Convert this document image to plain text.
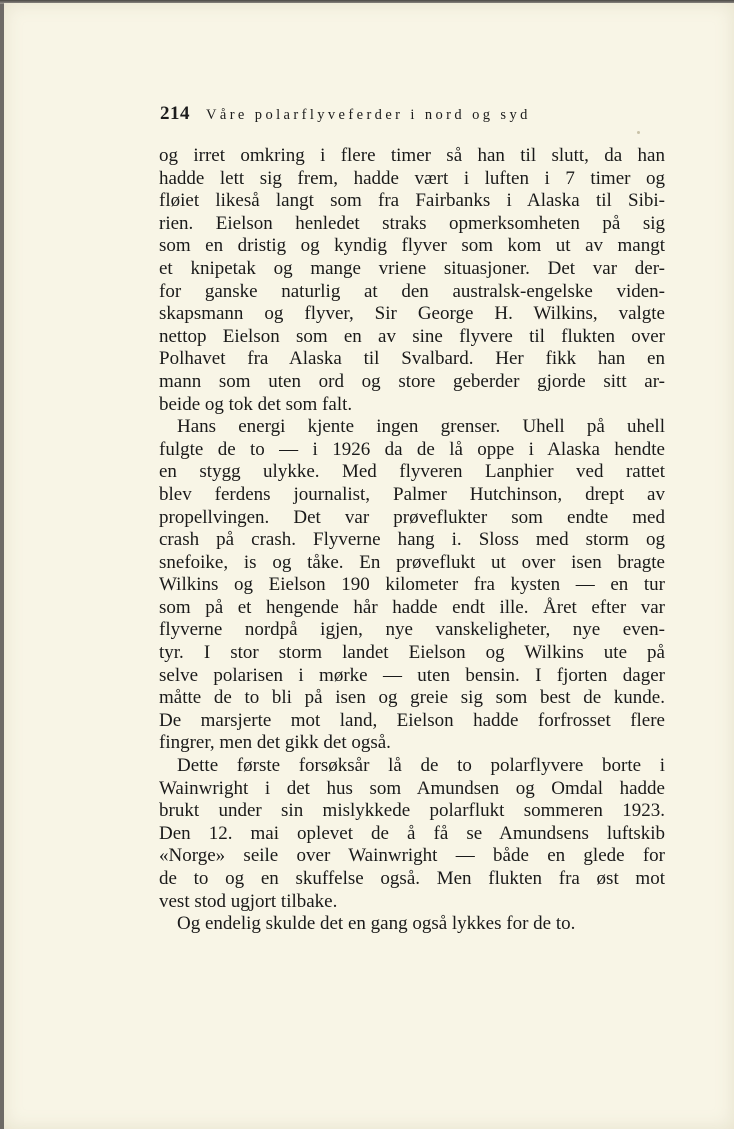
214 Våre polarflyveferder i nord og syd
og irret omkring i flere timer så han til slutt, da han
hadde lett sig frem, hadde vært i luften i 7 timer og
fløiet likeså langt som fra Fairbanks i Alaska til Sibi-
rien. Eielson henledet straks opmerksomheten på sig
som en dristig og kyndig flyver som kom ut av mangt
et knipetak og mange vriene situasjoner. Det var der-
for ganske naturlig at den australsk-engelske viden-
skapsmann og flyver, Sir George H. Wilkins, valgte
nettop Eielson som en av sine flyvere til flukten over
Polhavet fra Alaska til Svalbard. Her fikk han en
mann som uten ord og store geberder gjorde sitt ar-
beide og tok det som falt.
Hans energi kjente ingen grenser. Uhell på uhell
fulgte de to — i 1926 da de lå oppe i Alaska hendte
en stygg ulykke. Med flyveren Lanphier ved rattet
blev ferdens journalist, Palmer Hutchinson, drept av
propellvingen. Det var prøveflukter som endte med
crash på crash. Flyverne hang i. Sloss med storm og
snefoike, is og tåke. En prøveflukt ut over isen bragte
Wilkins og Eielson 190 kilometer fra kysten — en tur
som på et hengende hår hadde endt ille. Året efter var
flyverne nordpå igjen, nye vanskeligheter, nye even-
tyr. I stor storm landet Eielson og Wilkins ute på
selve polarisen i mørke — uten bensin. I fjorten dager
måtte de to bli på isen og greie sig som best de kunde.
De marsjerte mot land, Eielson hadde forfrosset flere
fingrer, men det gikk det også.
Dette første forsøksår lå de to polarflyvere borte i
Wainwright i det hus som Amundsen og Omdal hadde
brukt under sin mislykkede polarflukt sommeren 1923.
Den 12. mai oplevet de å få se Amundsens luftskib
«Norge» seile over Wainwright — både en glede for
de to og en skuffelse også. Men flukten fra øst mot
vest stod ugjort tilbake.
Og endelig skulde det en gang også lykkes for de to.
